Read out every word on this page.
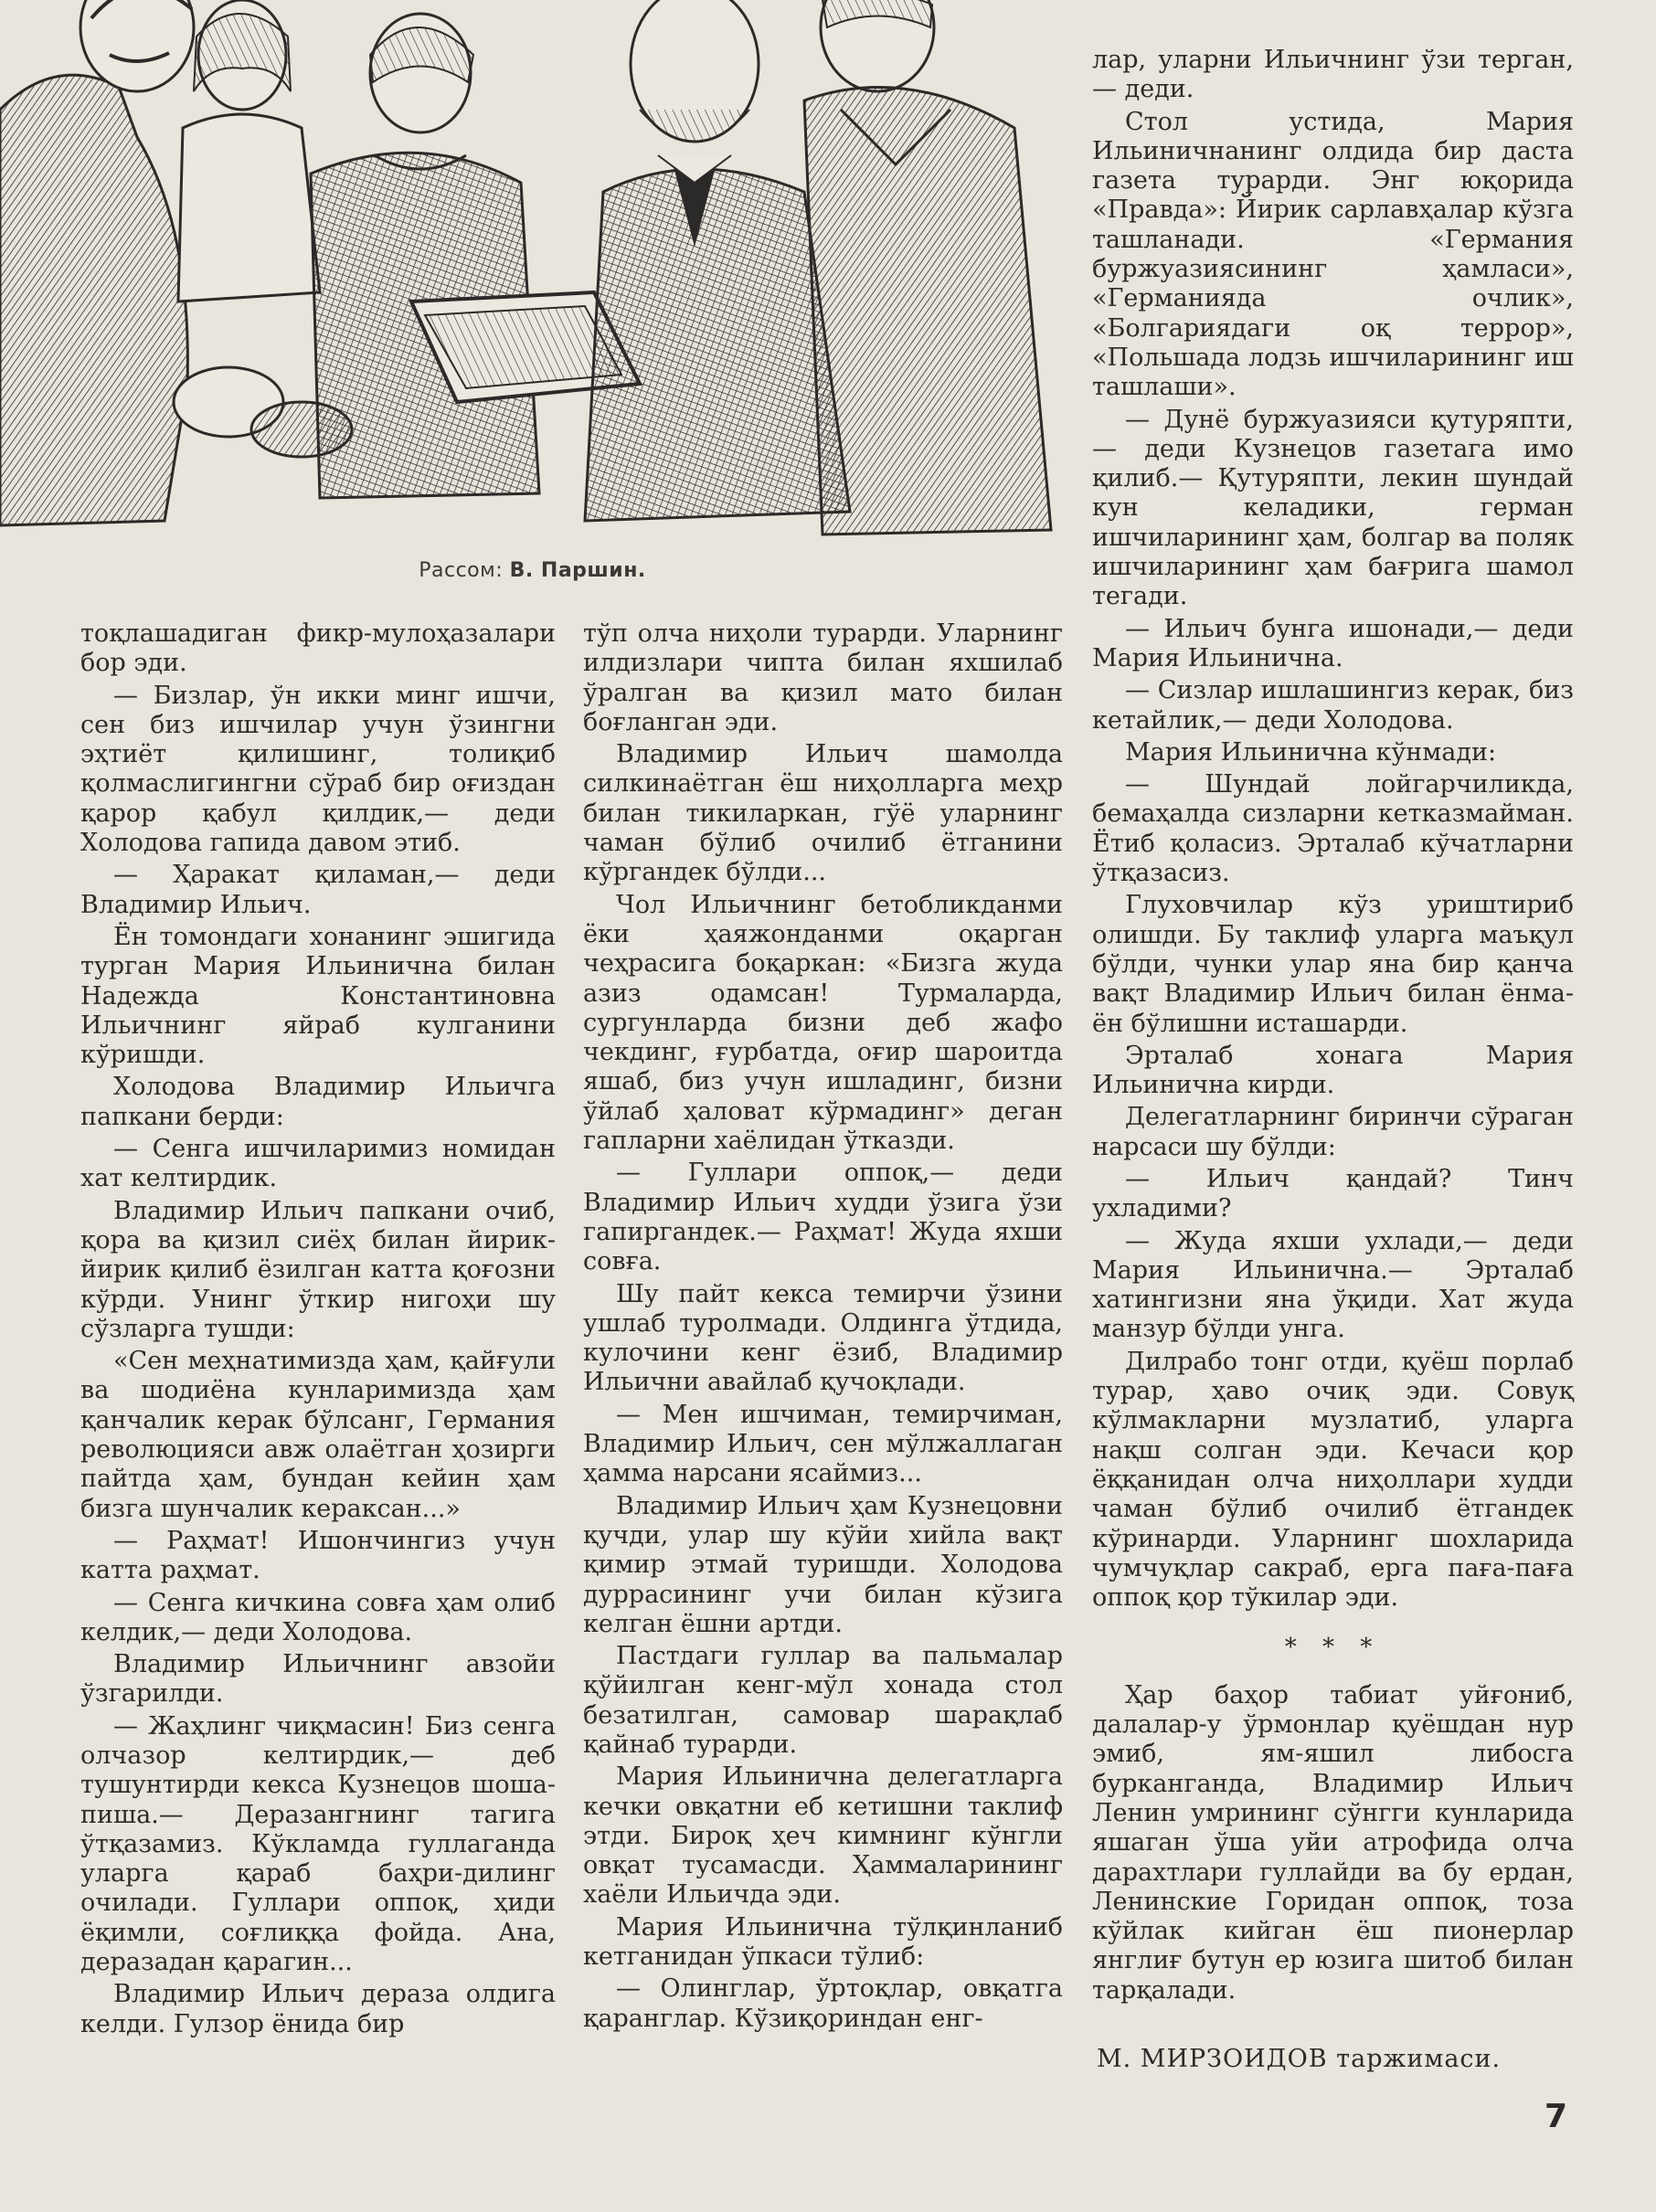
Рассом: В. Паршин.

тоқлашадиган фикр-мулоҳазалари бор эди.

— Бизлар, ўн икки минг ишчи, сен биз ишчилар учун ўзингни эҳтиёт қилишинг, толиқиб қолмаслигингни сўраб бир оғиздан қарор қабул қилдик,— деди Холодова гапида давом этиб.

— Ҳаракат қиламан,— деди Владимир Ильич.

Ён томондаги хонанинг эшигида турган Мария Ильинична билан Надежда Константиновна Ильичнинг яйраб кулганини кўришди.

Холодова Владимир Ильичга папкани берди:

— Сенга ишчиларимиз номидан хат келтирдик.

Владимир Ильич папкани очиб, қора ва қизил сиёҳ билан йирик-йирик қилиб ёзилган катта қоғозни кўрди. Унинг ўткир нигоҳи шу сўзларга тушди:

«Сен меҳнатимизда ҳам, қайғули ва шодиёна кунларимизда ҳам қанчалик керак бўлсанг, Германия революцияси авж олаётган ҳозирги пайтда ҳам, бундан кейин ҳам бизга шунчалик кераксан...»

— Раҳмат! Ишончингиз учун катта раҳмат.

— Сенга кичкина совға ҳам олиб келдик,— деди Холодова.

Владимир Ильичнинг авзойи ўзгарилди.

— Жаҳлинг чиқмасин! Биз сенга олчазор келтирдик,— деб тушунтирди кекса Кузнецов шоша-пиша.— Деразангнинг тагига ўтқазамиз. Кўкламда гуллаганда уларга қараб баҳри-дилинг очилади. Гуллари оппоқ, ҳиди ёқимли, соғлиққа фойда. Ана, деразадан қарагин...

Владимир Ильич дераза олдига келди. Гулзор ёнида бир

тўп олча ниҳоли турарди. Уларнинг илдизлари чипта билан яхшилаб ўралган ва қизил мато билан боғланган эди.

Владимир Ильич шамолда силкинаётган ёш ниҳолларга меҳр билан тикиларкан, гўё уларнинг чаман бўлиб очилиб ётганини кўргандек бўлди...

Чол Ильичнинг бетобликданми ёки ҳаяжонданми оқарган чеҳрасига боқаркан: «Бизга жуда азиз одамсан! Турмаларда, сургунларда бизни деб жафо чекдинг, ғурбатда, оғир шароитда яшаб, биз учун ишладинг, бизни ўйлаб ҳаловат кўрмадинг» деган гапларни хаёлидан ўтказди.

— Гуллари оппоқ,— деди Владимир Ильич худди ўзига ўзи гапиргандек.— Раҳмат! Жуда яхши совға.

Шу пайт кекса темирчи ўзини ушлаб туролмади. Олдинга ўтдида, кулочини кенг ёзиб, Владимир Ильични авайлаб қучоқлади.

— Мен ишчиман, темирчиман, Владимир Ильич, сен мўлжаллаган ҳамма нарсани ясаймиз...

Владимир Ильич ҳам Кузнецовни қучди, улар шу кўйи хийла вақт қимир этмай туришди. Холодова дуррасининг учи билан кўзига келган ёшни артди.

Пастдаги гуллар ва пальмалар қўйилган кенг-мўл хонада стол безатилган, самовар шарақлаб қайнаб турарди.

Мария Ильинична делегатларга кечки овқатни еб кетишни таклиф этди. Бироқ ҳеч кимнинг кўнгли овқат тусамасди. Ҳаммаларининг хаёли Ильичда эди.

Мария Ильинична тўлқинланиб кетганидан ўпкаси тўлиб:

— Олинглар, ўртоқлар, овқатга қаранглар. Кўзиқориндан енг-

лар, уларни Ильичнинг ўзи терган,— деди.

Стол устида, Мария Ильиничнанинг олдида бир даста газета турарди. Энг юқорида «Правда»: Йирик сарлавҳалар кўзга ташланади. «Германия буржуазиясининг ҳамласи», «Германияда очлик», «Болгариядаги оқ террор», «Польшада лодзь ишчиларининг иш ташлаши».

— Дунё буржуазияси қутуряпти,— деди Кузнецов газетага имо қилиб.— Қутуряпти, лекин шундай кун келадики, герман ишчиларининг ҳам, болгар ва поляк ишчиларининг ҳам бағрига шамол тегади.

— Ильич бунга ишонади,— деди Мария Ильинична.

— Сизлар ишлашингиз керак, биз кетайлик,— деди Холодова.

Мария Ильинична кўнмади:

— Шундай лойгарчиликда, бемаҳалда сизларни кетказмайман. Ётиб қоласиз. Эрталаб кўчатларни ўтқазасиз.

Глуховчилар кўз уриштириб олишди. Бу таклиф уларга маъқул бўлди, чунки улар яна бир қанча вақт Владимир Ильич билан ёнма-ён бўлишни исташарди.

Эрталаб хонага Мария Ильинична кирди.

Делегатларнинг биринчи сўраган нарсаси шу бўлди:

— Ильич қандай? Тинч ухладими?

— Жуда яхши ухлади,— деди Мария Ильинична.— Эрталаб хатингизни яна ўқиди. Хат жуда манзур бўлди унга.

Дилрабо тонг отди, қуёш порлаб турар, ҳаво очиқ эди. Совуқ кўлмакларни музлатиб, уларга нақш солган эди. Кечаси қор ёққанидан олча ниҳоллари худди чаман бўлиб очилиб ётгандек кўринарди. Уларнинг шохларида чумчуқлар сакраб, ерга паға-паға оппоқ қор тўкилар эди.

* * *

Ҳар баҳор табиат уйғониб, далалар-у ўрмонлар қуёшдан нур эмиб, ям-яшил либосга бурканганда, Владимир Ильич Ленин умрининг сўнгги кунларида яшаган ўша уйи атрофида олча дарахтлари гуллайди ва бу ердан, Ленинские Горидан оппоқ, тоза кўйлак кийган ёш пионерлар янглиғ бутун ер юзига шитоб билан тарқалади.

М. МИРЗОИДОВ таржимаси.
7
